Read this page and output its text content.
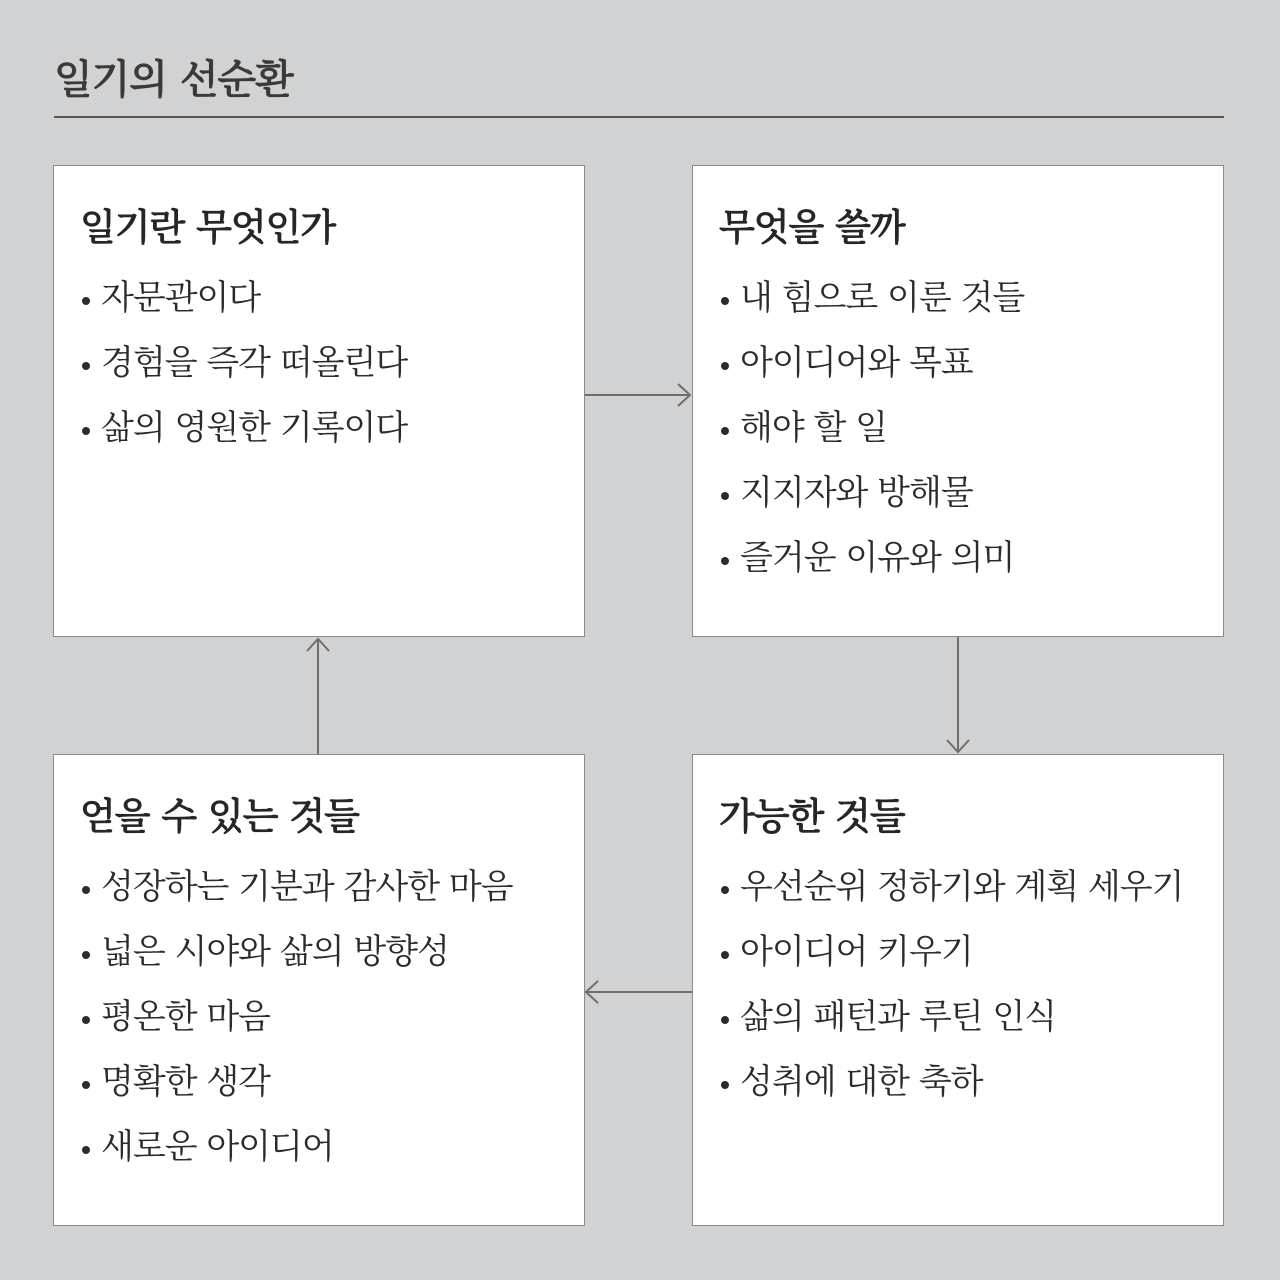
일기의 선순환
일기란 무엇인가
자문관이다
경험을 즉각 떠올린다
삶의 영원한 기록이다
무엇을 쓸까
내 힘으로 이룬 것들
아이디어와 목표
해야 할 일
지지자와 방해물
즐거운 이유와 의미
가능한 것들
우선순위 정하기와 계획 세우기
아이디어 키우기
삶의 패턴과 루틴 인식
성취에 대한 축하
얻을 수 있는 것들
성장하는 기분과 감사한 마음
넓은 시야와 삶의 방향성
평온한 마음
명확한 생각
새로운 아이디어
